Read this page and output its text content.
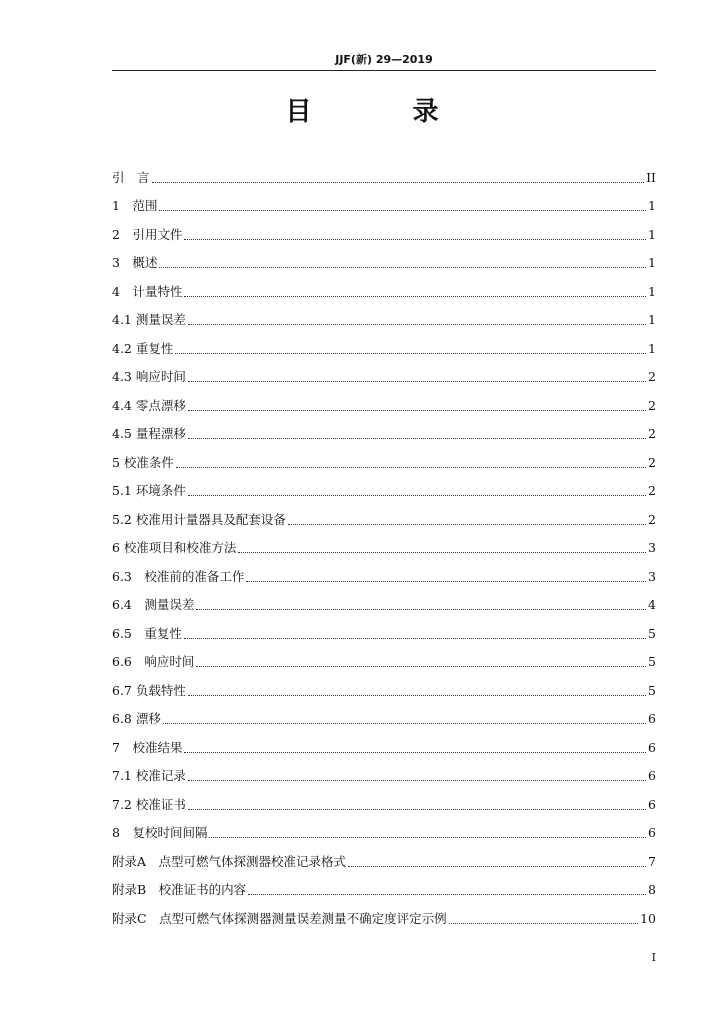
JJF(新) 29—2019
目 录
引　言	II
1　范围	1
2　引用文件	1
3　概述	1
4　计量特性	1
4.1 测量误差	1
4.2 重复性	1
4.3 响应时间	2
4.4 零点漂移	2
4.5 量程漂移	2
5 校准条件	2
5.1 环境条件	2
5.2 校准用计量器具及配套设备	2
6 校准项目和校准方法	3
6.3　校准前的准备工作	3
6.4　测量误差	4
6.5　重复性	5
6.6　响应时间	5
6.7 负载特性	5
6.8 漂移	6
7　校准结果	6
7.1 校准记录	6
7.2 校准证书	6
8　复校时间间隔	6
附录A　点型可燃气体探测器校准记录格式	7
附录B　校准证书的内容	8
附录C　点型可燃气体探测器测量误差测量不确定度评定示例	10
I
